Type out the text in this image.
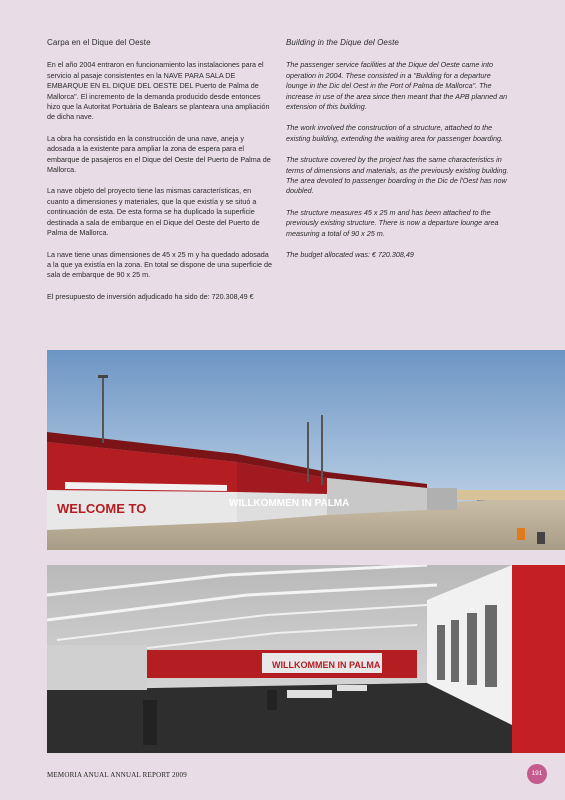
Carpa en el Dique del Oeste

En el año 2004 entraron en funcionamiento las instalaciones para el servicio al pasaje consistentes en la NAVE PARA SALA DE EMBARQUE EN EL DIQUE DEL OESTE DEL Puerto de Palma de Mallorca". El incremento de la demanda producido desde entonces hizo que la Autoritat Portuària de Balears se planteara una ampliación de dicha nave.

La obra ha consistido en la construcción de una nave, aneja y adosada a la existente para ampliar la zona de espera para el embarque de pasajeros en el Dique del Oeste del Puerto de Palma de Mallorca.

La nave objeto del proyecto tiene las mismas características, en cuanto a dimensiones y materiales, que la que existía y se situó a continuación de esta. De esta forma se ha duplicado la superficie destinada a sala de embarque en el Dique del Oeste del Puerto de Palma de Mallorca.

La nave tiene unas dimensiones de 45 x 25 m y ha quedado adosada a la que ya existía en la zona. En total se dispone de una superficie de sala de embarque de 90 x 25 m.

El presupuesto de inversión adjudicado ha sido de: 720.308,49 €

Building in the Dique del Oeste

The passenger service facilities at the Dique del Oeste came into operation in 2004. These consisted in a "Building for a departure lounge in the Dic del Oest in the Port of Palma de Mallorca". The increase in use of the area since then meant that the APB planned an extension of this building.

The work involved the construction of a structure, attached to the existing building, extending the waiting area for passenger boarding.

The structure covered by the project has the same characteristics in terms of dimensions and materials, as the previously existing building. The area devoted to passenger boarding in the Dic de l'Oest has now doubled.

The structure measures 45 x 25 m and has been attached to the previously existing structure. There is now a departure lounge area measuring a total of 90 x 25 m.

The budget allocated was: € 720.308,49

WELCOME TO	WILLKOMMEN IN PALMA
WILLKOMMEN IN PALMA
MEMORIA ANUAL ANNUAL REPORT 2009	191
